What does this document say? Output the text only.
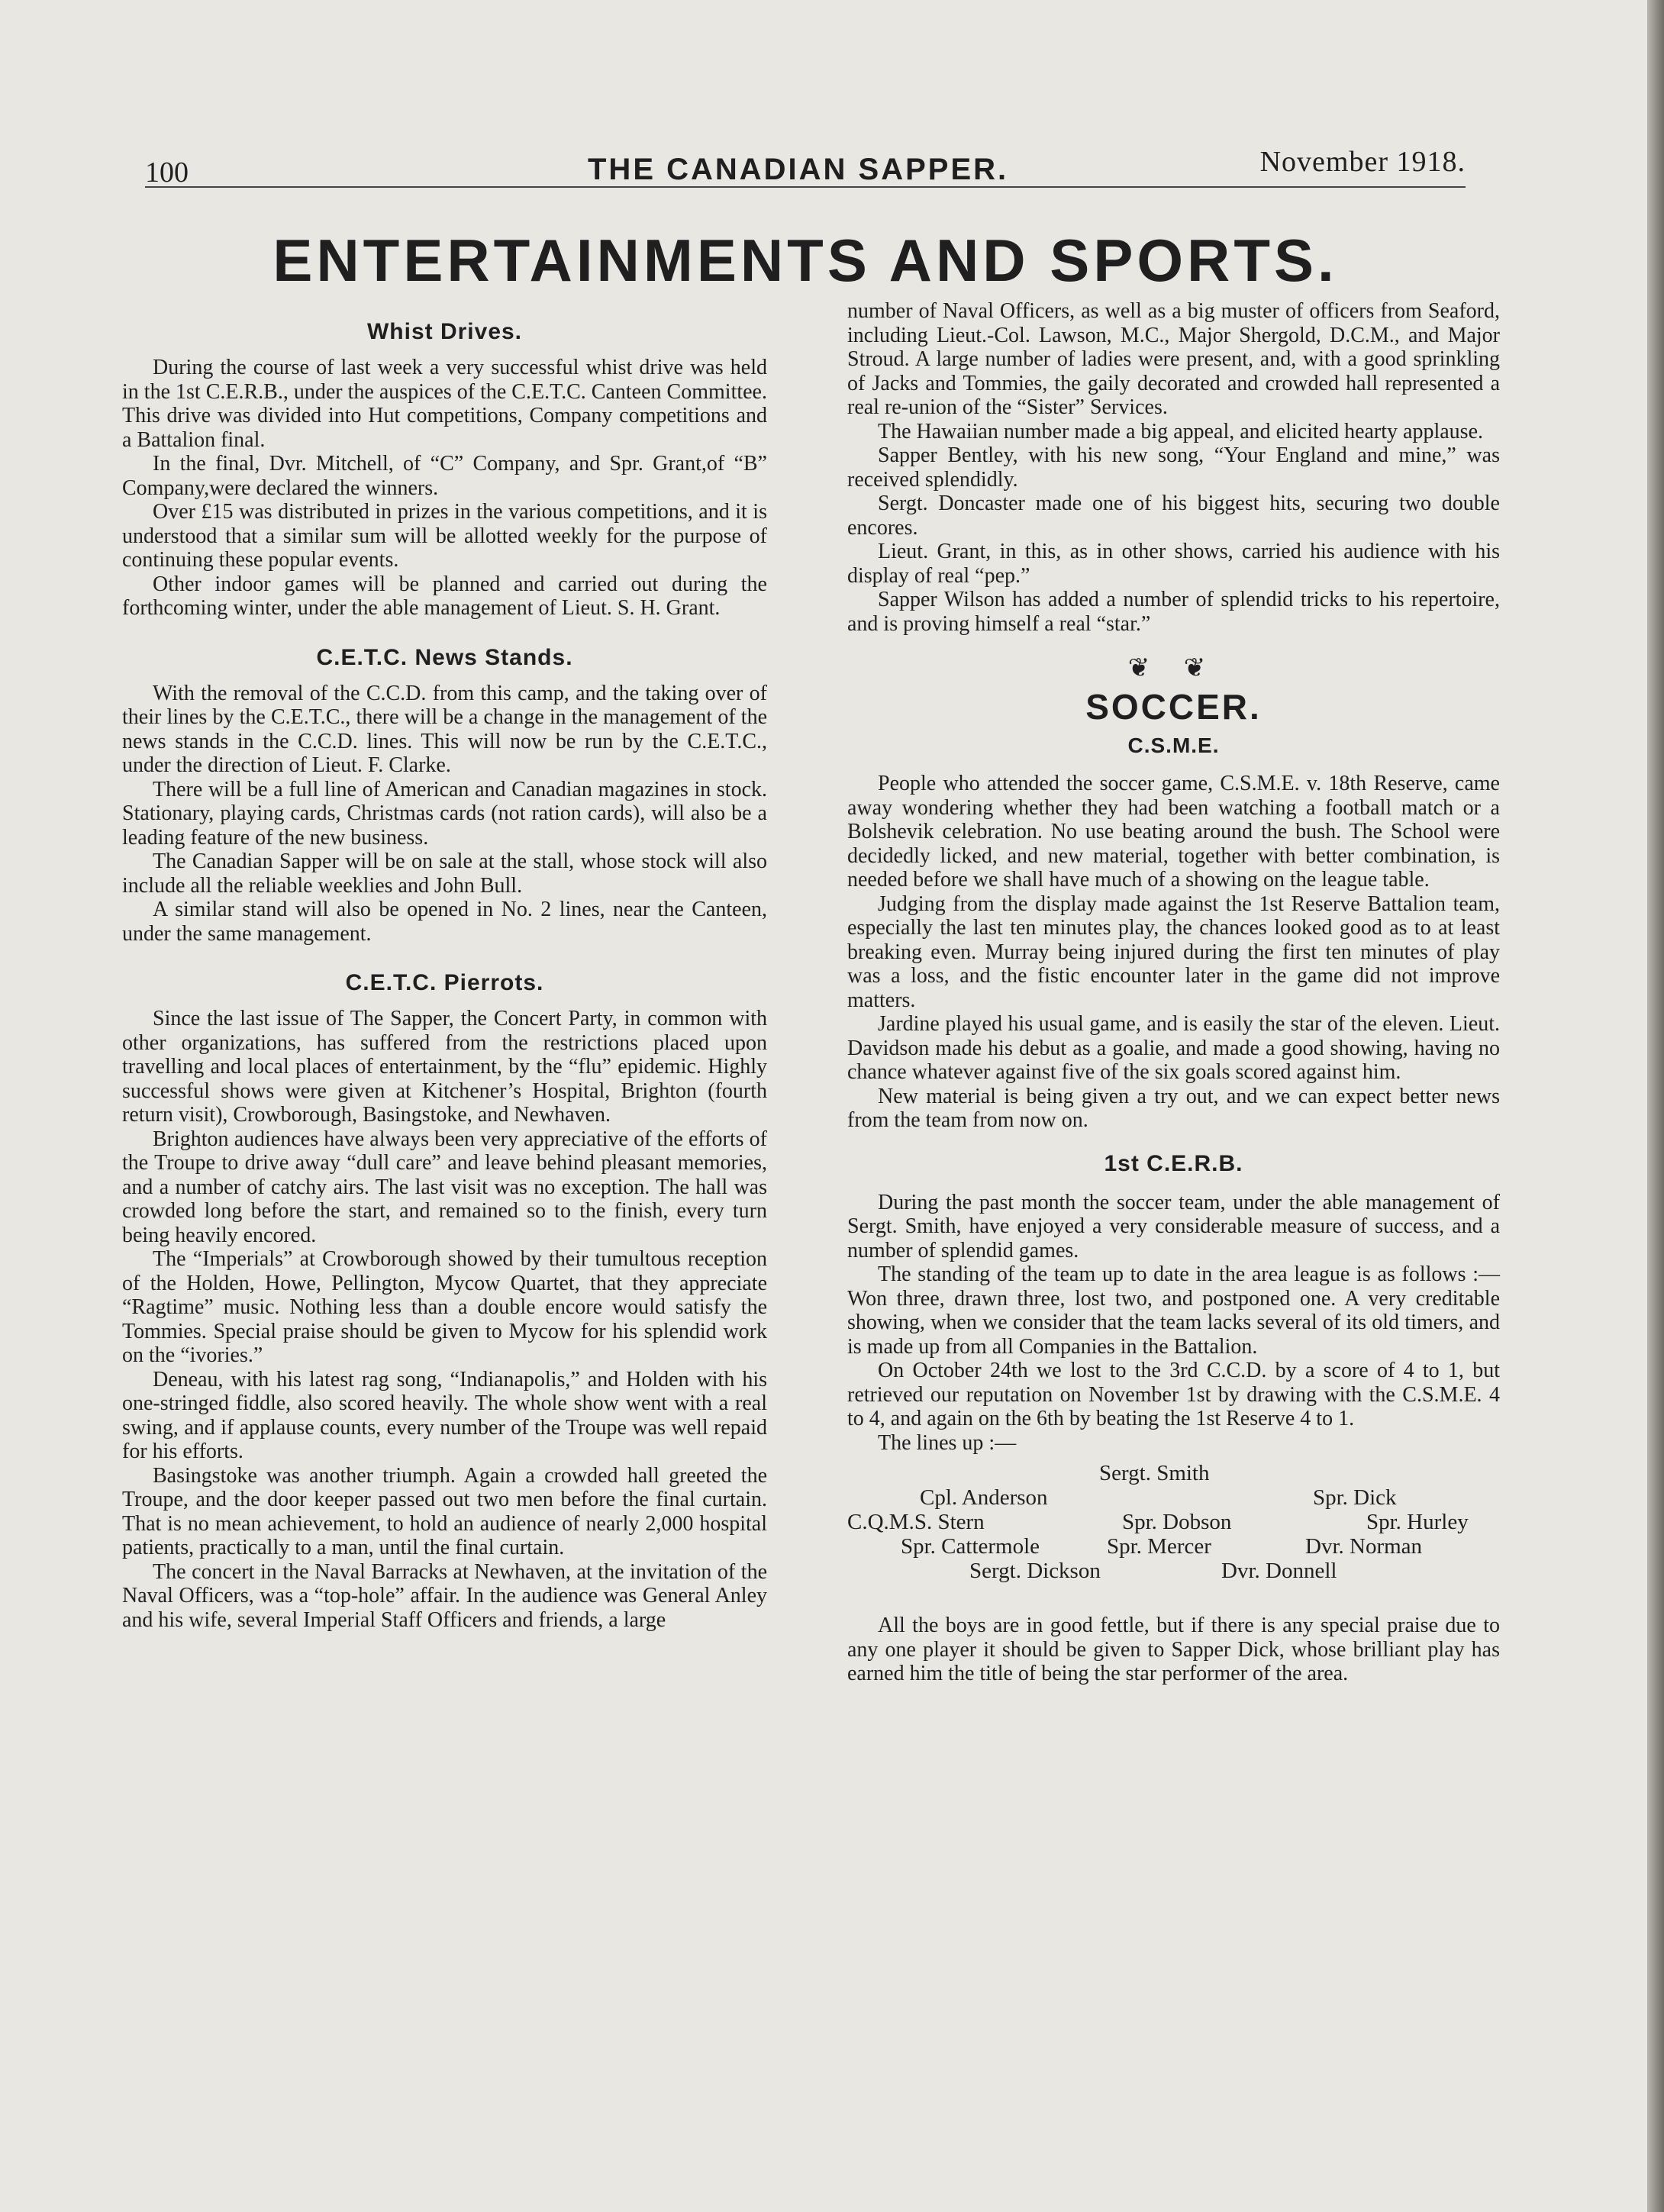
100	THE CANADIAN SAPPER.	November 1918.
ENTERTAINMENTS AND SPORTS.
Whist Drives.

During the course of last week a very successful whist drive was held in the 1st C.E.R.B., under the auspices of the C.E.T.C. Canteen Committee. This drive was divided into Hut competitions, Company competitions and a Battalion final.

In the final, Dvr. Mitchell, of “C” Company, and Spr. Grant,of “B” Company,were declared the winners.

Over £15 was distributed in prizes in the various competitions, and it is understood that a similar sum will be allotted weekly for the purpose of continuing these popular events.

Other indoor games will be planned and carried out during the forthcoming winter, under the able management of Lieut. S. H. Grant.

C.E.T.C. News Stands.

With the removal of the C.C.D. from this camp, and the taking over of their lines by the C.E.T.C., there will be a change in the management of the news stands in the C.C.D. lines. This will now be run by the C.E.T.C., under the direction of Lieut. F. Clarke.

There will be a full line of American and Canadian magazines in stock. Stationary, playing cards, Christmas cards (not ration cards), will also be a leading feature of the new business.

The Canadian Sapper will be on sale at the stall, whose stock will also include all the reliable weeklies and John Bull.

A similar stand will also be opened in No. 2 lines, near the Canteen, under the same management.

C.E.T.C. Pierrots.

Since the last issue of The Sapper, the Concert Party, in common with other organizations, has suffered from the restrictions placed upon travelling and local places of entertainment, by the “flu” epidemic. Highly successful shows were given at Kitchener’s Hospital, Brighton (fourth return visit), Crowborough, Basingstoke, and Newhaven.

Brighton audiences have always been very appreciative of the efforts of the Troupe to drive away “dull care” and leave behind pleasant memories, and a number of catchy airs. The last visit was no exception. The hall was crowded long before the start, and remained so to the finish, every turn being heavily encored.

The “Imperials” at Crowborough showed by their tumultous reception of the Holden, Howe, Pellington, Mycow Quartet, that they appreciate “Ragtime” music. Nothing less than a double encore would satisfy the Tommies. Special praise should be given to Mycow for his splendid work on the “ivories.”

Deneau, with his latest rag song, “Indianapolis,” and Holden with his one-stringed fiddle, also scored heavily. The whole show went with a real swing, and if applause counts, every number of the Troupe was well repaid for his efforts.

Basingstoke was another triumph. Again a crowded hall greeted the Troupe, and the door keeper passed out two men before the final curtain. That is no mean achievement, to hold an audience of nearly 2,000 hospital patients, practically to a man, until the final curtain.

The concert in the Naval Barracks at Newhaven, at the invitation of the Naval Officers, was a “top-hole” affair. In the audience was General Anley and his wife, several Imperial Staff Officers and friends, a large

number of Naval Officers, as well as a big muster of officers from Seaford, including Lieut.-Col. Lawson, M.C., Major Shergold, D.C.M., and Major Stroud. A large number of ladies were present, and, with a good sprinkling of Jacks and Tommies, the gaily decorated and crowded hall represented a real re-union of the “Sister” Services.

The Hawaiian number made a big appeal, and elicited hearty applause.

Sapper Bentley, with his new song, “Your England and mine,” was received splendidly.

Sergt. Doncaster made one of his biggest hits, securing two double encores.

Lieut. Grant, in this, as in other shows, carried his audience with his display of real “pep.”

Sapper Wilson has added a number of splendid tricks to his repertoire, and is proving himself a real “star.”

❦ ❦
SOCCER.
C.S.M.E.

People who attended the soccer game, C.S.M.E. v. 18th Reserve, came away wondering whether they had been watching a football match or a Bolshevik celebration. No use beating around the bush. The School were decidedly licked, and new material, together with better combination, is needed before we shall have much of a showing on the league table.

Judging from the display made against the 1st Reserve Battalion team, especially the last ten minutes play, the chances looked good as to at least breaking even. Murray being injured during the first ten minutes of play was a loss, and the fistic encounter later in the game did not improve matters.

Jardine played his usual game, and is easily the star of the eleven. Lieut. Davidson made his debut as a goalie, and made a good showing, having no chance whatever against five of the six goals scored against him.

New material is being given a try out, and we can expect better news from the team from now on.

1st C.E.R.B.

During the past month the soccer team, under the able management of Sergt. Smith, have enjoyed a very considerable measure of success, and a number of splendid games.

The standing of the team up to date in the area league is as follows :—Won three, drawn three, lost two, and postponed one. A very creditable showing, when we consider that the team lacks several of its old timers, and is made up from all Companies in the Battalion.

On October 24th we lost to the 3rd C.C.D. by a score of 4 to 1, but retrieved our reputation on November 1st by drawing with the C.S.M.E. 4 to 4, and again on the 6th by beating the 1st Reserve 4 to 1.

The lines up :—

Sergt. Smith
Cpl. Anderson	Spr. Dick
C.Q.M.S. Stern	Spr. Dobson	Spr. Hurley
Spr. Cattermole	Spr. Mercer	Dvr. Norman
Sergt. Dickson	Dvr. Donnell

All the boys are in good fettle, but if there is any special praise due to any one player it should be given to Sapper Dick, whose brilliant play has earned him the title of being the star performer of the area.
